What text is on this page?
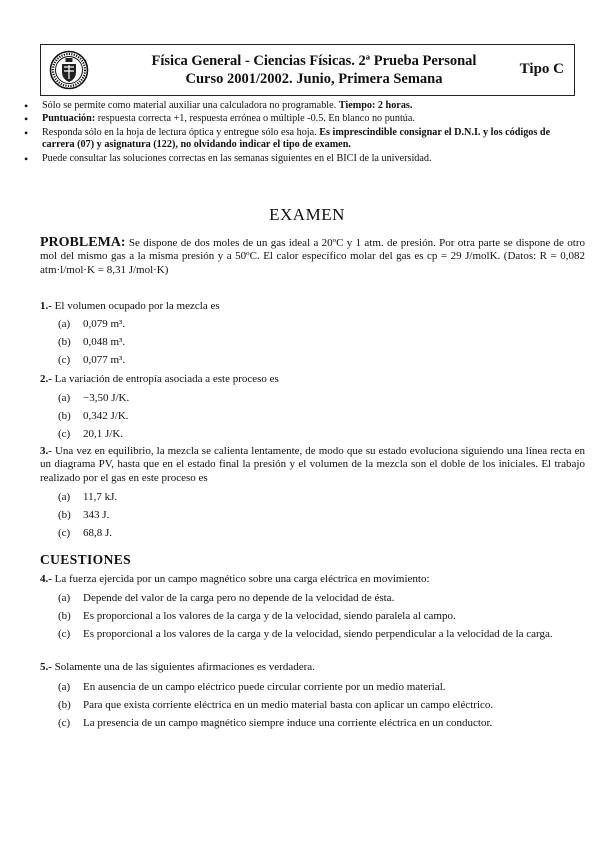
Física General - Ciencias Físicas. 2ª Prueba Personal
Curso 2001/2002. Junio, Primera Semana
Tipo C
• Sólo se permite como material auxiliar una calculadora no programable. Tiempo: 2 horas.
• Puntuación: respuesta correcta +1, respuesta errónea o múltiple -0.5. En blanco no puntúa.
• Responda sólo en la hoja de lectura óptica y entregue sólo esa hoja. Es imprescindible consignar el D.N.I. y los códigos de carrera (07) y asignatura (122), no olvidando indicar el tipo de examen.
• Puede consultar las soluciones correctas en las semanas siguientes en el BICI de la universidad.
EXAMEN
PROBLEMA: Se dispone de dos moles de un gas ideal a 20ºC y 1 atm. de presión. Por otra parte se dispone de otro mol del mismo gas a la misma presión y a 50ºC. El calor específico molar del gas es cp = 29 J/molK. (Datos: R = 0,082 atm·l/mol·K = 8,31 J/mol·K)
1.- El volumen ocupado por la mezcla es
(a) 0,079 m³.
(b) 0,048 m³.
(c) 0,077 m³.
2.- La variación de entropía asociada a este proceso es
(a) −3,50 J/K.
(b) 0,342 J/K.
(c) 20,1 J/K.
3.- Una vez en equilibrio, la mezcla se calienta lentamente, de modo que su estado evoluciona siguiendo una línea recta en un diagrama PV, hasta que en el estado final la presión y el volumen de la mezcla son el doble de los iniciales. El trabajo realizado por el gas en este proceso es
(a) 11,7 kJ.
(b) 343 J.
(c) 68,8 J.
CUESTIONES
4.- La fuerza ejercida por un campo magnético sobre una carga eléctrica en movimiento:
(a) Depende del valor de la carga pero no depende de la velocidad de ésta.
(b) Es proporcional a los valores de la carga y de la velocidad, siendo paralela al campo.
(c) Es proporcional a los valores de la carga y de la velocidad, siendo perpendicular a la velocidad de la carga.
5.- Solamente una de las siguientes afirmaciones es verdadera.
(a) En ausencia de un campo eléctrico puede circular corriente por un medio material.
(b) Para que exista corriente eléctrica en un medio material basta con aplicar un campo eléctrico.
(c) La presencia de un campo magnético siempre induce una corriente eléctrica en un conductor.
